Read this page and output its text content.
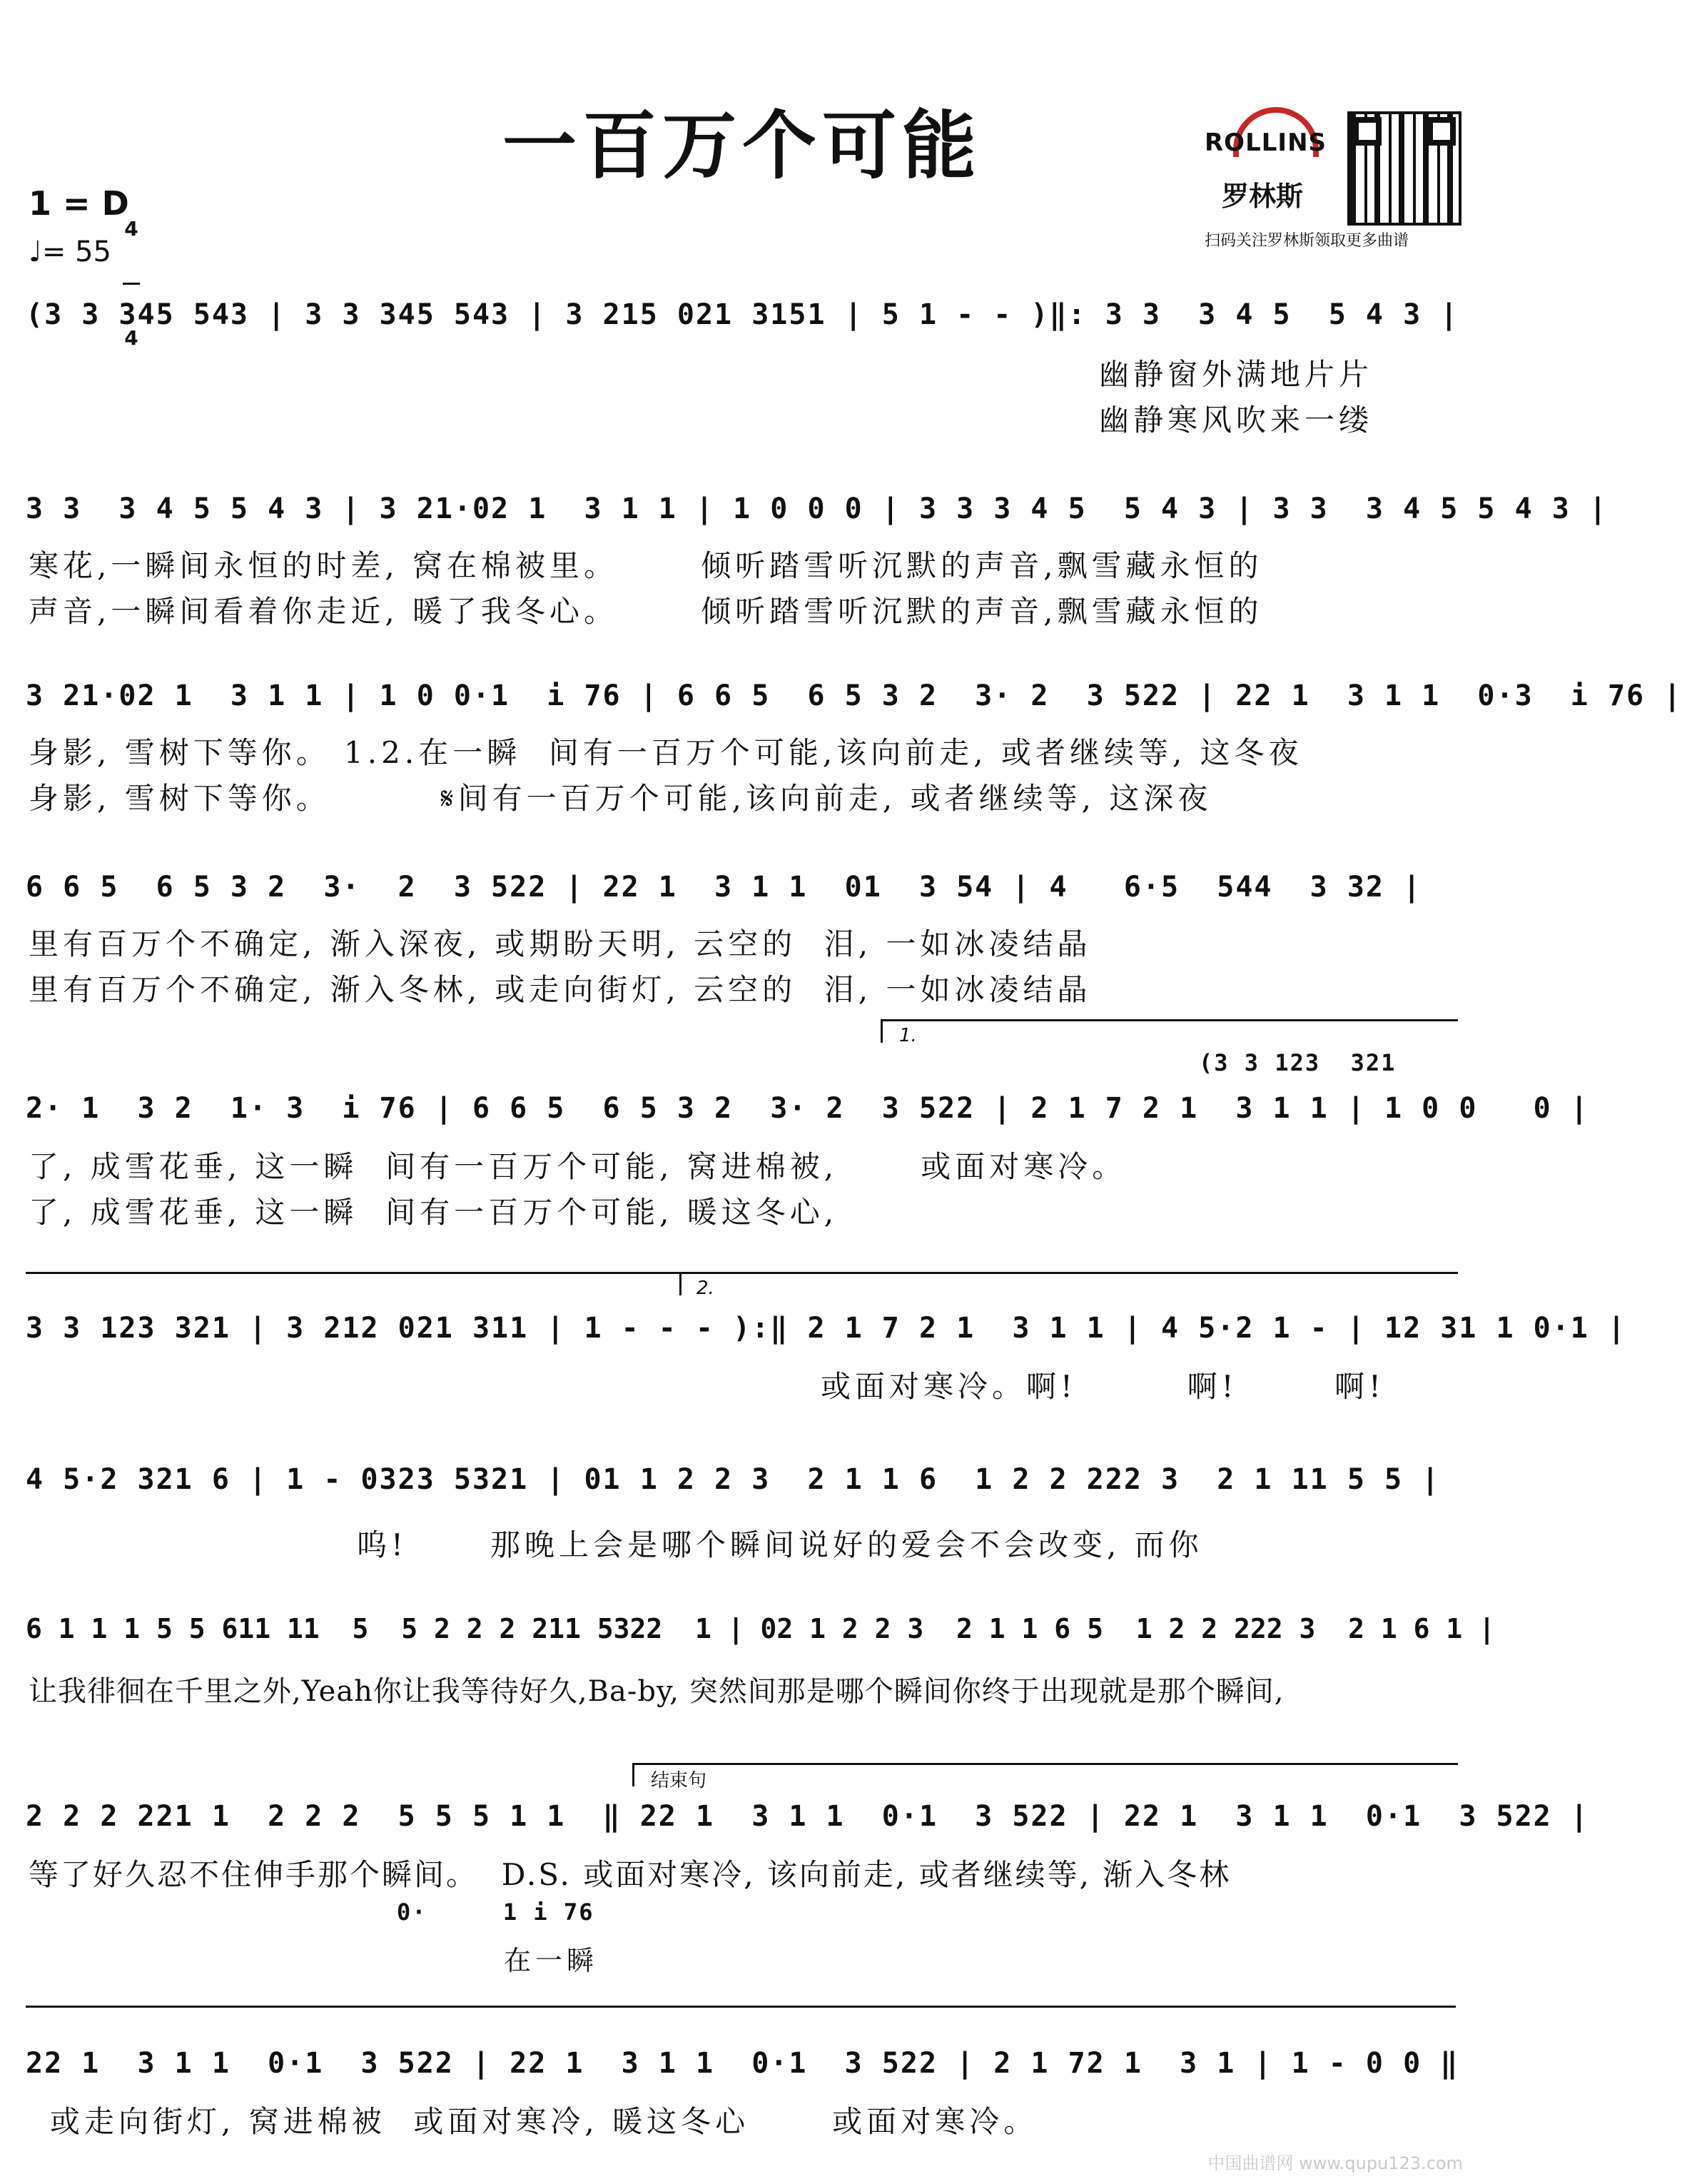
一百万个可能
1 = D

4

4

♩= 55
ROLLINS
罗林斯
扫码关注罗林斯领取更多曲谱
(3 3 345 543 | 3 3 345 543 | 3 215 021 3151 | 5 1 - - )‖: 3 3  3 4 5  5 4 3 |
幽静窗外满地片片
幽静寒风吹来一缕
3 3  3 4 5 5 4 3 | 3 21·02 1  3 1 1 | 1 0 0 0 | 3 3 3 4 5  5 4 3 | 3 3  3 4 5 5 4 3 |
寒花,一瞬间永恒的时差, 窝在棉被里。      倾听踏雪听沉默的声音,飘雪藏永恒的
声音,一瞬间看着你走近, 暖了我冬心。      倾听踏雪听沉默的声音,飘雪藏永恒的
3 21·02 1  3 1 1 | 1 0 0·1  i 76 | 6 6 5  6 5 3 2  3· 2  3 522 | 22 1  3 1 1  0·3  i 76 |
身影, 雪树下等你。 1.2.在一瞬  间有一百万个可能,该向前走, 或者继续等, 这冬夜
身影, 雪树下等你。        𝄋间有一百万个可能,该向前走, 或者继续等, 这深夜
6 6 5  6 5 3 2  3·  2  3 522 | 22 1  3 1 1  01  3 54 | 4   6·5  544  3 32 |
里有百万个不确定, 渐入深夜, 或期盼天明, 云空的  泪, 一如冰凌结晶
里有百万个不确定, 渐入冬林, 或走向街灯, 云空的  泪, 一如冰凌结晶
1.
(3 3 123  321
2· 1  3 2  1· 3  i 76 | 6 6 5  6 5 3 2  3· 2  3 522 | 2 1 7 2 1  3 1 1 | 1 0 0   0 |
了, 成雪花垂, 这一瞬  间有一百万个可能, 窝进棉被,      或面对寒冷。
了, 成雪花垂, 这一瞬  间有一百万个可能, 暖这冬心,
2.
3 3 123 321 | 3 212 021 311 | 1 - - - ):‖ 2 1 7 2 1  3 1 1 | 4 5·2 1 - | 12 31 1 0·1 |
或面对寒冷。啊!        啊!       啊!
4 5·2 321 6 | 1 - 0323 5321 | 01 1 2 2 3  2 1 1 6  1 2 2 222 3  2 1 11 5 5 |
呜!      那晚上会是哪个瞬间说好的爱会不会改变, 而你
6 1 1 1 5 5 611 11  5  5 2 2 2 211 5322  1 | 02 1 2 2 3  2 1 1 6 5  1 2 2 222 3  2 1 6 1 |
让我徘徊在千里之外,Yeah你让我等待好久,Ba-by, 突然间那是哪个瞬间你终于出现就是那个瞬间,
结束句
2 2 2 221 1  2 2 2  5 5 5 1 1  ‖ 22 1  3 1 1  0·1  3 522 | 22 1  3 1 1  0·1  3 522 |
等了好久忍不住伸手那个瞬间。  D.S. 或面对寒冷, 该向前走, 或者继续等, 渐入冬林
0·     1 i 76
在一瞬
22 1  3 1 1  0·1  3 522 | 22 1  3 1 1  0·1  3 522 | 2 1 72 1  3 1 | 1 - 0 0 ‖
或走向街灯, 窝进棉被  或面对寒冷, 暖这冬心      或面对寒冷。
中国曲谱网 www.qupu123.com
